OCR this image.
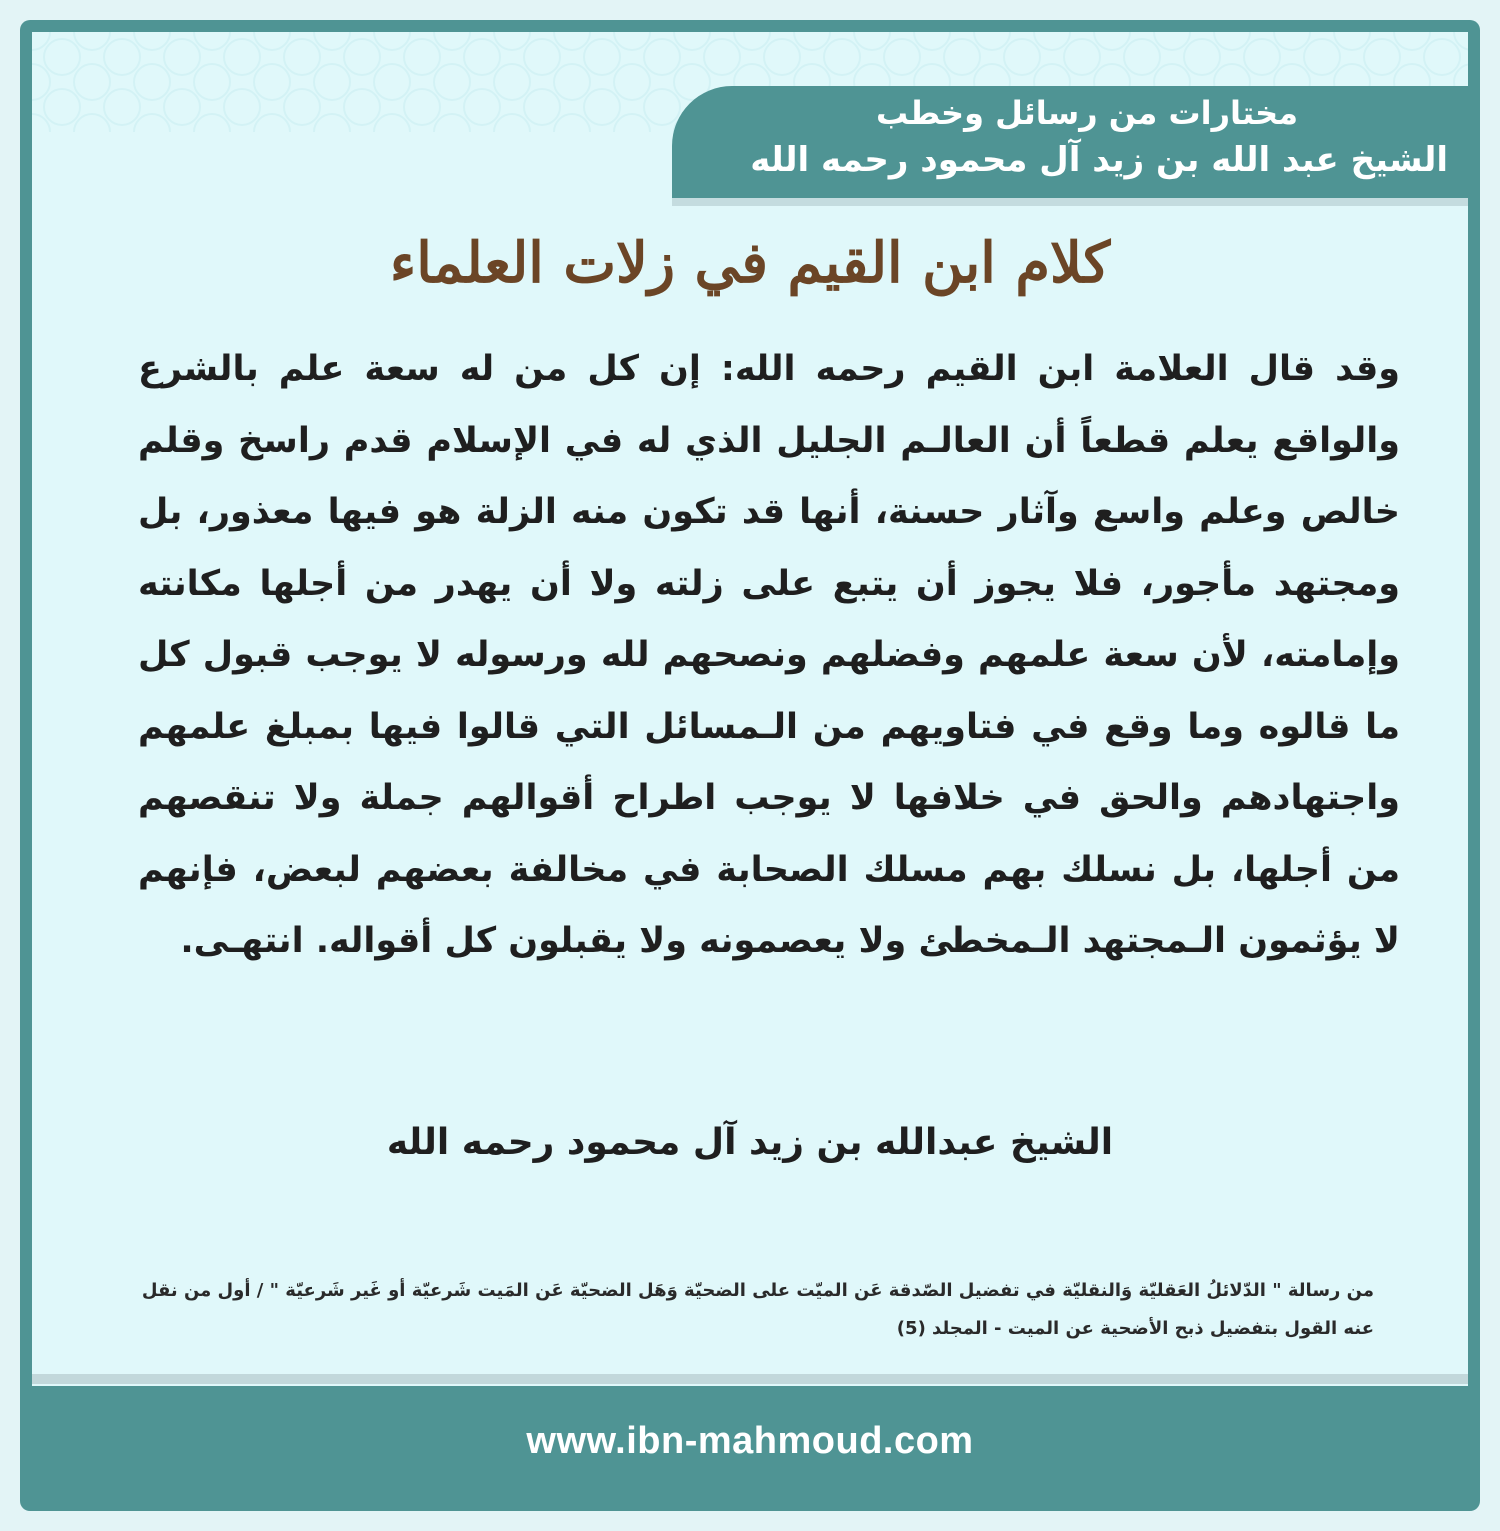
مختارات من رسائل وخطب
الشيخ عبد الله بن زيد آل محمود رحمه الله
كلام ابن القيم في زلات العلماء
وقد قال العلامة ابن القيم رحمه الله: إن كل من له سعة علم بالشرع والواقع يعلم قطعاً أن العالـم الجليل الذي له في الإسلام قدم راسخ وقلم خالص وعلم واسع وآثار حسنة، أنها قد تكون منه الزلة هو فيها معذور، بل ومجتهد مأجور، فلا يجوز أن يتبع على زلته ولا أن يهدر من أجلها مكانته وإمامته، لأن سعة علمهم وفضلهم ونصحهم لله ورسوله لا يوجب قبول كل ما قالوه وما وقع في فتاويهم من الـمسائل التي قالوا فيها بمبلغ علمهم واجتهادهم والحق في خلافها لا يوجب اطراح أقوالهم جملة ولا تنقصهم من أجلها، بل نسلك بهم مسلك الصحابة في مخالفة بعضهم لبعض، فإنهم لا يؤثمون الـمجتهد الـمخطئ ولا يعصمونه ولا يقبلون كل أقواله. انتهـى.
الشيخ عبدالله بن زيد آل محمود رحمه الله
من رسالة " الدّلائلُ العَقليّة وَالنقليّة في تفضيل الصّدقة عَن الميّت على الضحيّة وَهَل الضحيّة عَن المَيت شَرعيّة أو غَير شَرعيّة " / أول من نقل عنه القول بتفضيل ذبح الأضحية عن الميت - المجلد (5)
www.ibn-mahmoud.com
